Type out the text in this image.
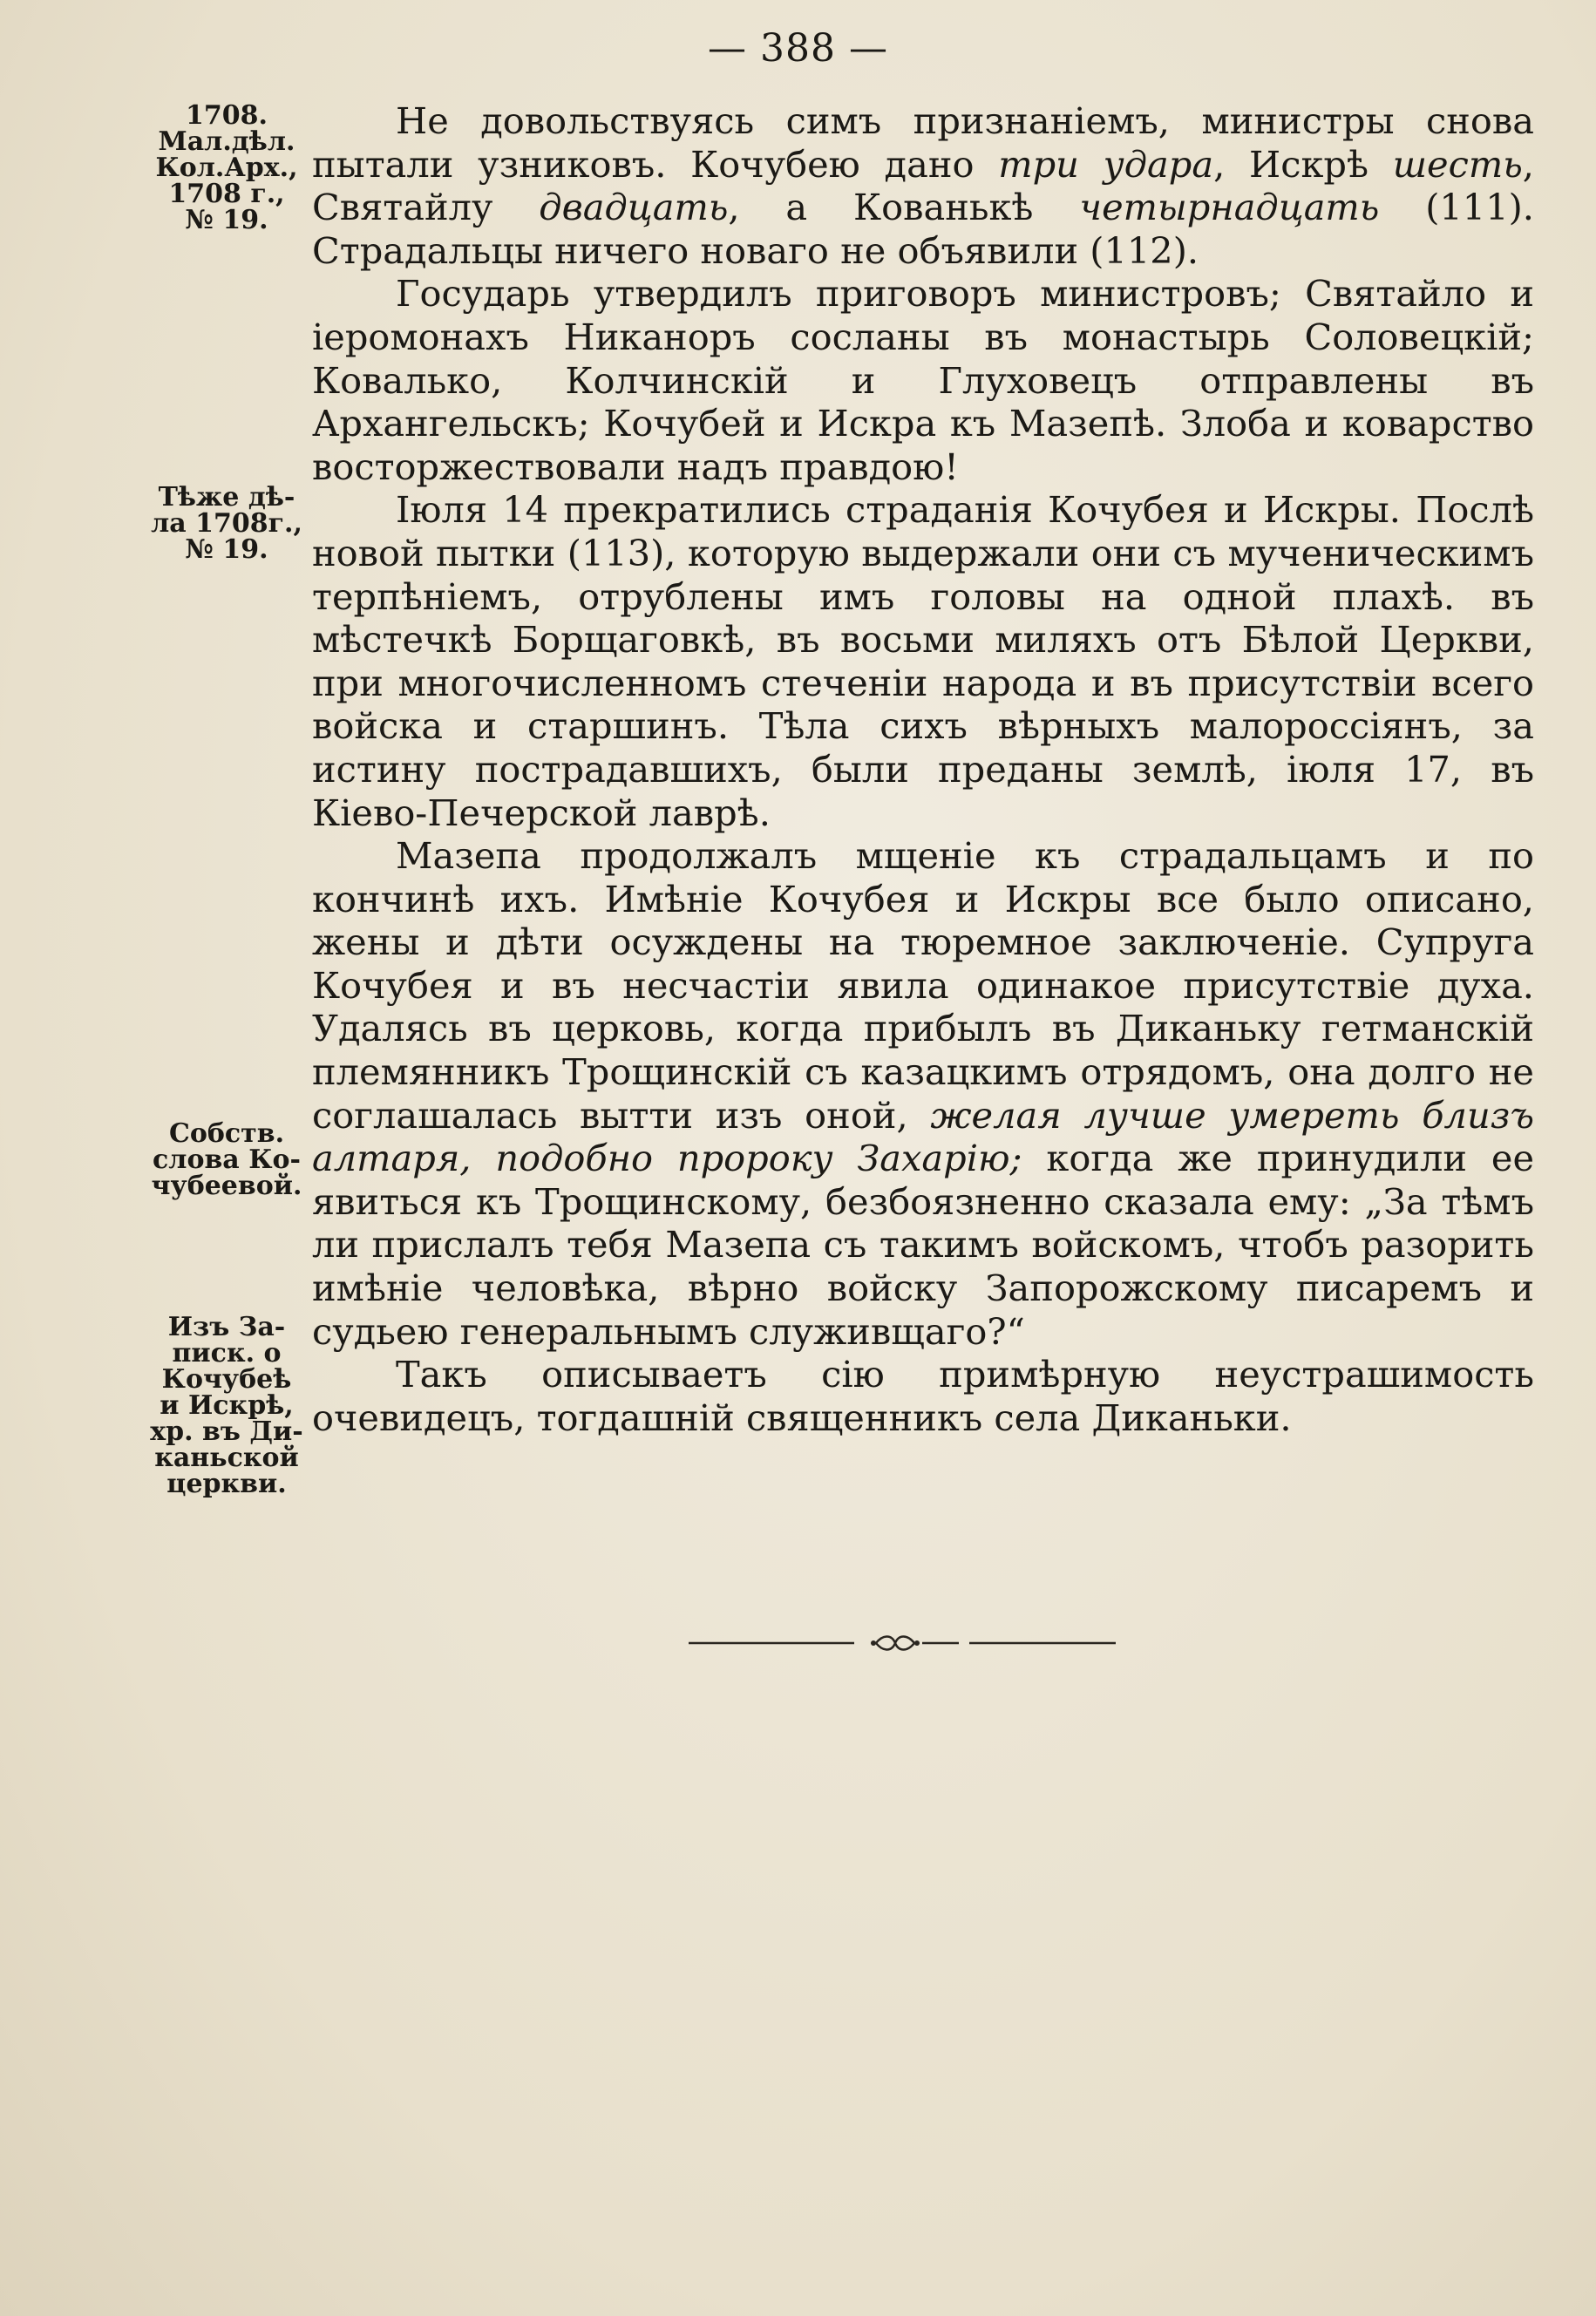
— 388 —
1708.
Мал.дѣл.
Кол.Арх.,
1708 г.,
№ 19.
Тѣже дѣ-
ла 1708г.,
№ 19.
Собств.
слова Ко-
чубеевой.
Изъ За-
писк. о
Кочубеѣ
и Искрѣ,
хр. въ Ди-
каньской
церкви.

Не довольствуясь симъ признаніемъ, министры снова пытали узниковъ. Кочубею дано три удара, Искрѣ шесть, Святайлу двадцать, а Кованькѣ четырнадцать (111). Страдальцы ничего новаго не объявили (112).

Государь утвердилъ приговоръ министровъ; Святайло и іеромонахъ Никаноръ сосланы въ монастырь Соловецкій; Ковалько, Колчинскій и Глуховецъ отправлены въ Архангельскъ; Кочубей и Искра къ Мазепѣ. Злоба и коварство восторжествовали надъ правдою!

Іюля 14 прекратились страданія Кочубея и Искры. Послѣ новой пытки (113), которую выдержали они съ мученическимъ терпѣніемъ, отрублены имъ головы на одной плахѣ. въ мѣстечкѣ Борщаговкѣ, въ восьми миляхъ отъ Бѣлой Церкви, при многочисленномъ стеченіи народа и въ присутствіи всего войска и старшинъ. Тѣла сихъ вѣрныхъ малороссіянъ, за истину пострадавшихъ, были преданы землѣ, іюля 17, въ Кіево-Печерской лаврѣ.

Мазепа продолжалъ мщеніе къ страдальцамъ и по кончинѣ ихъ. Имѣніе Кочубея и Искры все было описано, жены и дѣти осуждены на тюремное заключеніе. Супруга Кочубея и въ несчастіи явила одинакое присутствіе духа. Удалясь въ церковь, когда прибылъ въ Диканьку гетманскій племянникъ Трощинскій съ казацкимъ отрядомъ, она долго не соглашалась вытти изъ оной, желая лучше умереть близъ алтаря, подобно пророку Захарію; когда же принудили ее явиться къ Трощинскому, безбоязненно сказала ему: „За тѣмъ ли прислалъ тебя Мазепа съ такимъ войскомъ, чтобъ разорить имѣніе человѣка, вѣрно войску Запорожскому писаремъ и судьею генеральнымъ служивщаго?“

Такъ описываетъ сію примѣрную неустрашимость очевидецъ, тогдашній священникъ села Диканьки.
